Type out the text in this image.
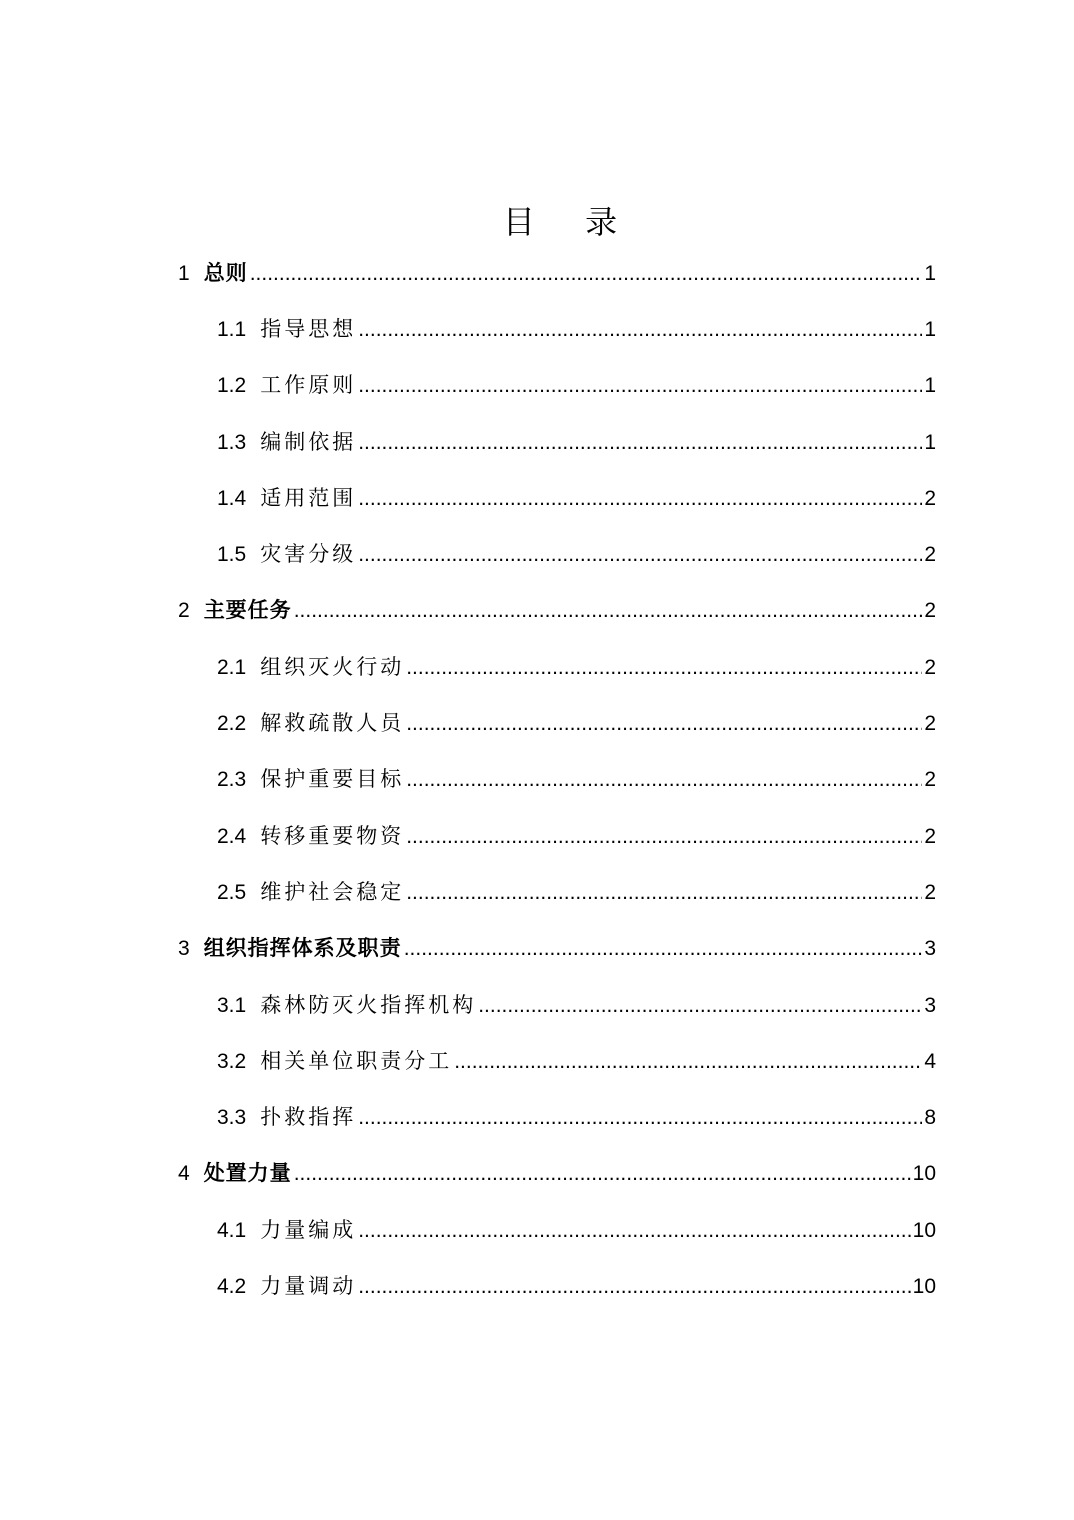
目 录
1 总则 .....	1
1.1 指导思想 .....	1
1.2 工作原则 .....	1
1.3 编制依据 .....	1
1.4 适用范围 .....	2
1.5 灾害分级 .....	2
2 主要任务 .....	2
2.1 组织灭火行动 .....	2
2.2 解救疏散人员 .....	2
2.3 保护重要目标 .....	2
2.4 转移重要物资 .....	2
2.5 维护社会稳定 .....	2
3 组织指挥体系及职责 .....	3
3.1 森林防灭火指挥机构 .....	3
3.2 相关单位职责分工 .....	4
3.3 扑救指挥 .....	8
4 处置力量 .....	10
4.1 力量编成 .....	10
4.2 力量调动 .....	10
